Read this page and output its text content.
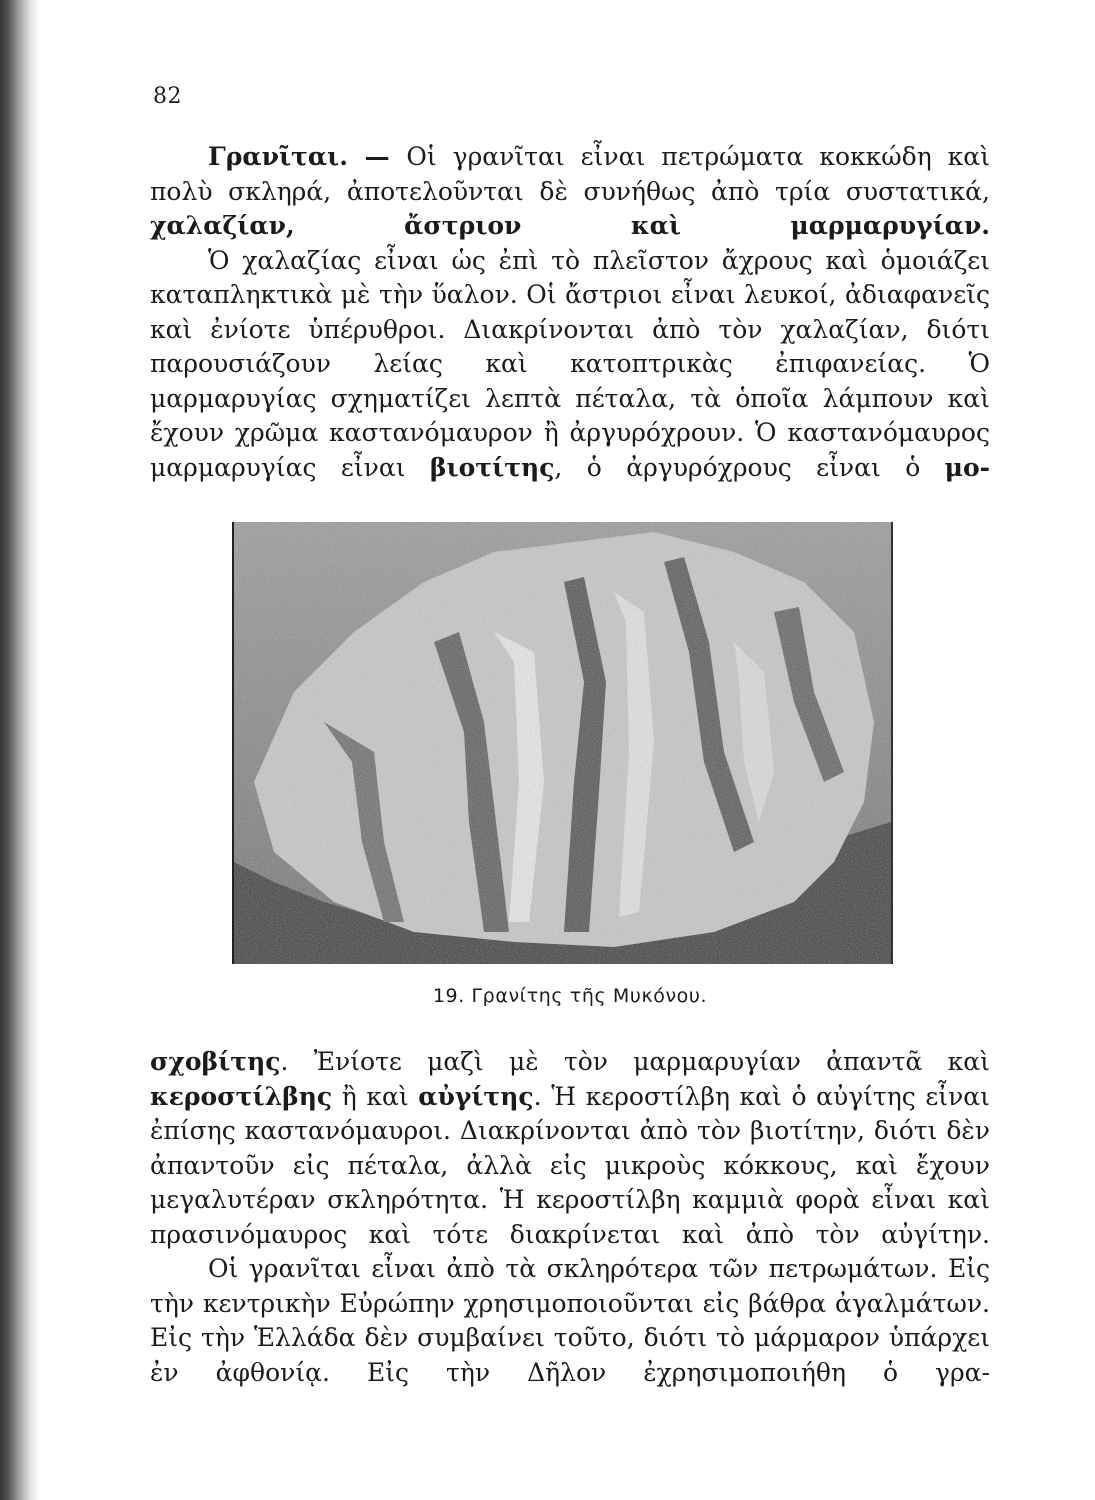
82

Γρανῖται. — Οἱ γρανῖται εἶναι πετρώματα κοκκώδη καὶ πολὺ σκληρά, ἀποτελοῦνται δὲ συνήθως ἀπὸ τρία συστατικά, χαλαζίαν, ἄστριον καὶ μαρμαρυγίαν.

Ὁ χαλαζίας εἶναι ὡς ἐπὶ τὸ πλεῖστον ἄχρους καὶ ὁμοιάζει καταπληκτικὰ μὲ τὴν ὕαλον. Οἱ ἄστριοι εἶναι λευκοί, ἀδιαφανεῖς καὶ ἐνίοτε ὑπέρυθροι. Διακρίνονται ἀπὸ τὸν χαλαζίαν, διότι παρουσιάζουν λείας καὶ κατοπτρικὰς ἐπιφανείας. Ὁ μαρμαρυγίας σχηματίζει λεπτὰ πέταλα, τὰ ὁποῖα λάμπουν καὶ ἔχουν χρῶμα καστανόμαυρον ἢ ἀργυρόχρουν. Ὁ καστανόμαυρος μαρμαρυγίας εἶναι βιοτίτης, ὁ ἀργυρόχρους εἶναι ὁ μο-

19. Γρανίτης τῆς Μυκόνου.

σχοβίτης. Ἐνίοτε μαζὶ μὲ τὸν μαρμαρυγίαν ἀπαντᾶ καὶ κεροστίλβης ἢ καὶ αὐγίτης. Ἡ κεροστίλβη καὶ ὁ αὐγίτης εἶναι ἐπίσης καστανόμαυροι. Διακρίνονται ἀπὸ τὸν βιοτίτην, διότι δὲν ἀπαντοῦν εἰς πέταλα, ἀλλὰ εἰς μικροὺς κόκκους, καὶ ἔχουν μεγαλυτέραν σκληρότητα. Ἡ κεροστίλβη καμμιὰ φορὰ εἶναι καὶ πρασινόμαυρος καὶ τότε διακρίνεται καὶ ἀπὸ τὸν αὐγίτην.

Οἱ γρανῖται εἶναι ἀπὸ τὰ σκληρότερα τῶν πετρωμάτων. Εἰς τὴν κεντρικὴν Εὐρώπην χρησιμοποιοῦνται εἰς βάθρα ἀγαλμάτων. Εἰς τὴν Ἑλλάδα δὲν συμβαίνει τοῦτο, διότι τὸ μάρμαρον ὑπάρχει ἐν ἀφθονίᾳ. Εἰς τὴν Δῆλον ἐχρησιμοποιήθη ὁ γρα-
